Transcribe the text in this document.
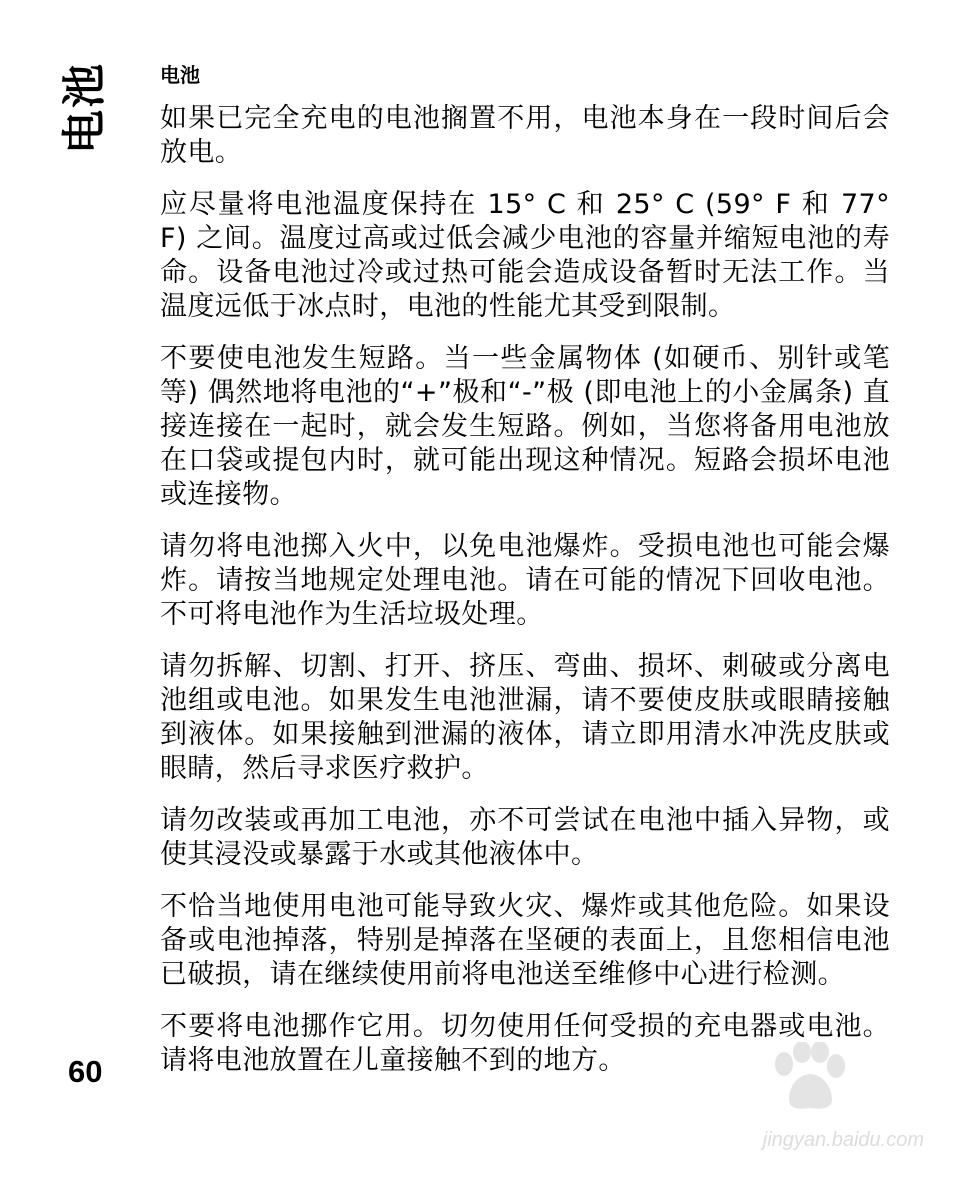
电池	电池

如果已完全充电的电池搁置不用，电池本身在一段时间后会放电。

应尽量将电池温度保持在 15° C 和 25° C (59° F 和 77° F) 之间。温度过高或过低会减少电池的容量并缩短电池的寿命。设备电池过冷或过热可能会造成设备暂时无法工作。当温度远低于冰点时，电池的性能尤其受到限制。

不要使电池发生短路。当一些金属物体 (如硬币、别针或笔等) 偶然地将电池的“+”极和“-”极 (即电池上的小金属条) 直接连接在一起时，就会发生短路。例如，当您将备用电池放在口袋或提包内时，就可能出现这种情况。短路会损坏电池或连接物。

请勿将电池掷入火中，以免电池爆炸。受损电池也可能会爆炸。请按当地规定处理电池。请在可能的情况下回收电池。不可将电池作为生活垃圾处理。

请勿拆解、切割、打开、挤压、弯曲、损坏、刺破或分离电池组或电池。如果发生电池泄漏，请不要使皮肤或眼睛接触到液体。如果接触到泄漏的液体，请立即用清水冲洗皮肤或眼睛，然后寻求医疗救护。

请勿改装或再加工电池，亦不可尝试在电池中插入异物，或使其浸没或暴露于水或其他液体中。

不恰当地使用电池可能导致火灾、爆炸或其他危险。如果设备或电池掉落，特别是掉落在坚硬的表面上，且您相信电池已破损，请在继续使用前将电池送至维修中心进行检测。

不要将电池挪作它用。切勿使用任何受损的充电器或电池。请将电池放置在儿童接触不到的地方。

60
jingyan.baidu.com
